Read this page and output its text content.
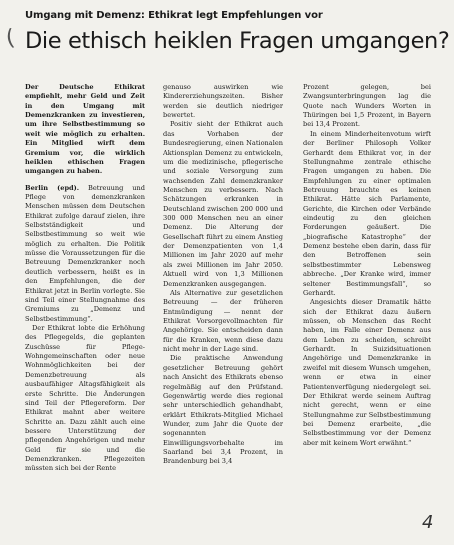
(
Umgang mit Demenz: Ethikrat legt Empfehlungen vor
Die ethisch heiklen Fragen umgangen?

Der Deutsche Ethikrat empfiehlt, mehr Geld und Zeit in den Umgang mit Demenzkranken zu investieren, um ihre Selbstbestimmung so weit wie möglich zu erhalten. Ein Mitglied wirft dem Gremium vor, die wirklich heiklen ethischen Fragen umgangen zu haben.

Berlin (epd). Betreuung und Pflege von demenzkranken Menschen müssen dem Deutschen Ethikrat zufolge darauf zielen, ihre Selbstständigkeit und Selbstbestimmung so weit wie möglich zu erhalten. Die Politik müsse die Voraussetzungen für die Betreuung Demenzkranker noch deutlich verbessern, heißt es in den Empfehlungen, die der Ethikrat jetzt in Berlin vorlegte. Sie sind Teil einer Stellungnahme des Gremiums zu „Demenz und Selbstbestimmung“.

Der Ethikrat lobte die Erhöhung des Pflegegelds, die geplanten Zuschüsse für Pflege-Wohngemeinschaften oder neue Wohnmöglichkeiten bei der Demenzbetreuung als ausbaufähiger Altagsfähigkeit als erste Schritte. Die Änderungen sind Teil der Pflegereform. Der Ethikrat mahnt aber weitere Schritte an. Dazu zählt auch eine bessere Unterstützung der pflegenden Angehörigen und mehr Geld für sie und die Demenzkranken. Pflegezeiten müssten sich bei der Rente

genauso auswirken wie Kindererziehungszeiten. Bisher werden sie deutlich niedriger bewertet.

Positiv sieht der Ethikrat auch das Vorhaben der Bundesregierung, einen Nationalen Aktionsplan Demenz zu entwickeln, um die medizinische, pflegerische und soziale Versorgung zum wachsenden Zahl demenzkranker Menschen zu verbessern. Nach Schätzungen erkranken in Deutschland zwischen 200 000 und 300 000 Menschen neu an einer Demenz. Die Alterung der Gesellschaft führt zu einem Anstieg der Demenzpatienten von 1,4 Millionen im Jahr 2020 auf mehr als zwei Millionen im Jahr 2050. Aktuell wird von 1,3 Millionen Demenzkranken ausgegangen.

Als Alternative zur gesetzlichen Betreuung — der früheren Entmündigung — nennt der Ethikrat Vorsorgevollmachten für Angehörige. Sie entscheiden dann für die Kranken, wenn diese dazu nicht mehr in der Lage sind.

Die praktische Anwendung gesetzlicher Betreuung gehört nach Ansicht des Ethikrats ebenso regelmäßig auf den Prüfstand. Gegenwärtig werde dies regional sehr unterschiedlich gehandhabt, erklärt Ethikrats-Mitglied Michael Wunder, zum Jahr die Quote der sogenannten Einwilligungsvorbehalte im Saarland bei 3,4 Prozent, in Brandenburg bei 3,4

Prozent gelegen, bei Zwangsunterbringungen lag die Quote nach Wunders Worten in Thüringen bei 1,5 Prozent, in Bayern bei 13,4 Prozent.

In einem Minderheitenvotum wirft der Berliner Philosoph Volker Gerhardt dem Ethikrat vor, in der Stellungnahme zentrale ethische Fragen umgangen zu haben. Die Empfehlungen zu einer optimalen Betreuung brauchte es keinen Ethikrat. Hätte sich Parlamente, Gerichte, die Kirchen oder Verbände eindeutig zu den gleichen Forderungen geäußert. Die „biografische Katastrophe“ der Demenz bestehe eben darin, dass für den Betroffenen sein selbstbestimmter Lebensweg abbreche. „Der Kranke wird, immer seltener Bestimmungsfall“, so Gerhardt.

Angesichts dieser Dramatik hätte sich der Ethikrat dazu äußern müssen, ob Menschen das Recht haben, im Falle einer Demenz aus dem Leben zu scheiden, schreibt Gerhardt. In Suizidsituationen Angehörige und Demenzkranke in zweifel mit diesem Wunsch umgehen, wenn er etwa in einer Patientenverfügung niedergelegt sei. Der Ethikrat werde seinem Auftrag nicht gerecht, wenn er eine Stellungnahme zur Selbstbestimmung bei Demenz erarbeite, „die Selbstbestimmung vor der Demenz aber mit keinem Wort erwähnt.“

4
